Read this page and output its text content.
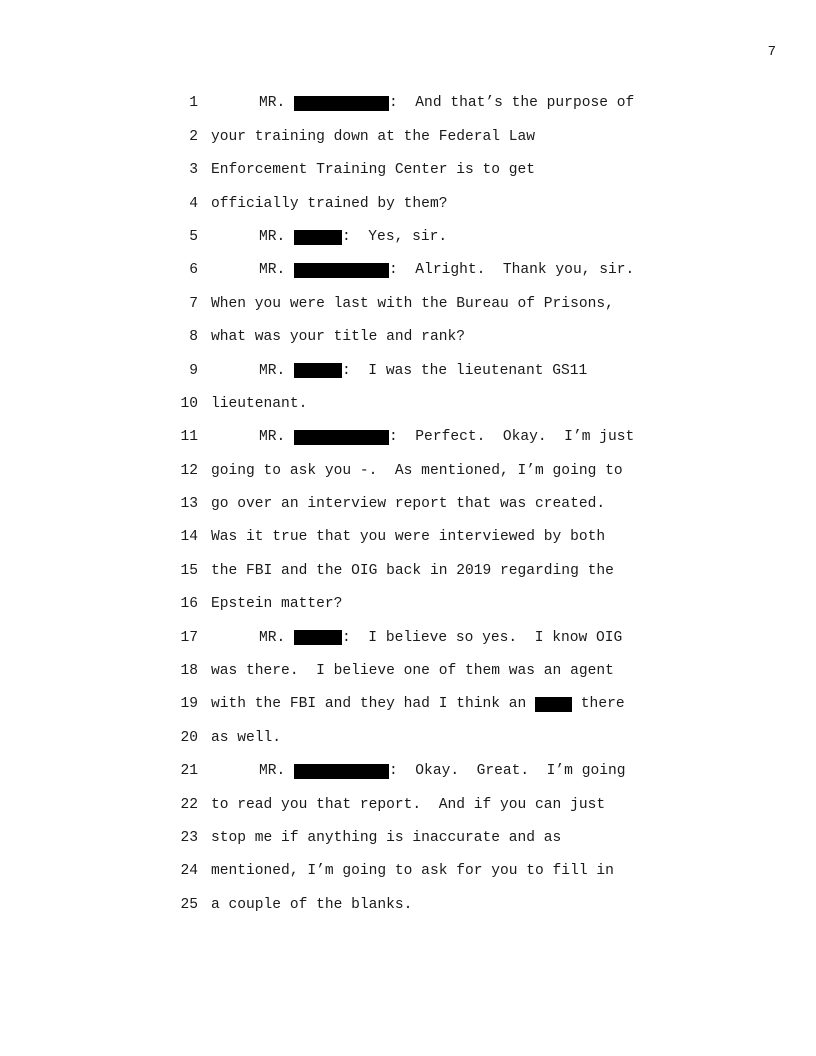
7
1	MR.	:  And that’s the purpose of
2 your training down at the Federal Law
3 Enforcement Training Center is to get
4 officially trained by them?
5	MR.	:  Yes, sir.
6	MR.	:  Alright.  Thank you, sir.
7 When you were last with the Bureau of Prisons,
8 what was your title and rank?
9	MR.	:  I was the lieutenant GS11
10 lieutenant.
11	MR.	:  Perfect.  Okay.  I’m just
12 going to ask you -.  As mentioned, I’m going to
13 go over an interview report that was created.
14 Was it true that you were interviewed by both
15 the FBI and the OIG back in 2019 regarding the
16 Epstein matter?
17	MR.	:  I believe so yes.  I know OIG
18 was there.  I believe one of them was an agent
19 with the FBI and they had I think an	there
20 as well.
21	MR.	:  Okay.  Great.  I’m going
22 to read you that report.  And if you can just
23 stop me if anything is inaccurate and as
24 mentioned, I’m going to ask for you to fill in
25 a couple of the blanks.
